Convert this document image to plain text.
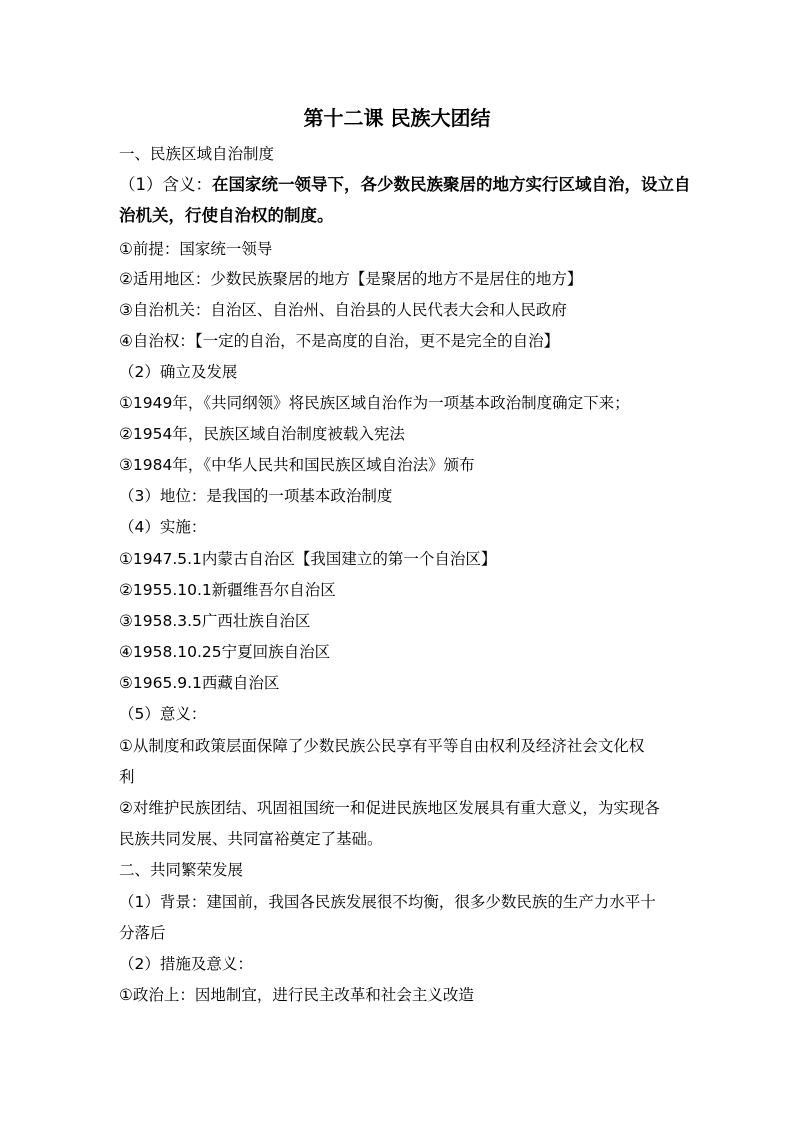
第十二课 民族大团结
一、民族区域自治制度
（1）含义：在国家统一领导下，各少数民族聚居的地方实行区域自治，设立自
治机关，行使自治权的制度。
①前提：国家统一领导
②适用地区：少数民族聚居的地方【是聚居的地方不是居住的地方】
③自治机关：自治区、自治州、自治县的人民代表大会和人民政府
④自治权：【一定的自治，不是高度的自治，更不是完全的自治】
（2）确立及发展
①1949年，《共同纲领》将民族区域自治作为一项基本政治制度确定下来；
②1954年，民族区域自治制度被载入宪法
③1984年，《中华人民共和国民族区域自治法》颁布
（3）地位：是我国的一项基本政治制度
（4）实施：
①1947.5.1内蒙古自治区【我国建立的第一个自治区】
②1955.10.1新疆维吾尔自治区
③1958.3.5广西壮族自治区
④1958.10.25宁夏回族自治区
⑤1965.9.1西藏自治区
（5）意义：
①从制度和政策层面保障了少数民族公民享有平等自由权利及经济社会文化权
利
②对维护民族团结、巩固祖国统一和促进民族地区发展具有重大意义，为实现各
民族共同发展、共同富裕奠定了基础。
二、共同繁荣发展
（1）背景：建国前，我国各民族发展很不均衡，很多少数民族的生产力水平十
分落后
（2）措施及意义：
①政治上：因地制宜，进行民主改革和社会主义改造
